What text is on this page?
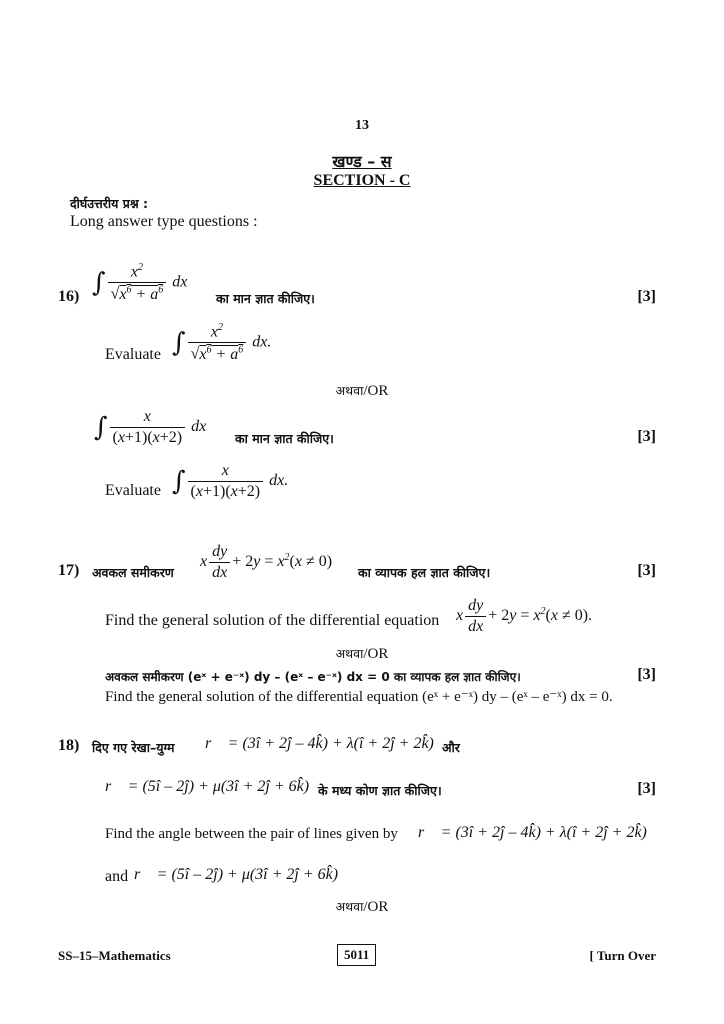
13
खण्ड – स
SECTION - C
दीर्घउत्तरीय प्रश्न :
Long answer type questions :
16) ∫ $\frac{x^2}{√x^6 + a^6}$ dx
का मान ज्ञात कीजिए।	[3]
Evaluate ∫ $\frac{x^2}{√x^6 + a^6}$ dx.
अथवा/OR
∫ $\frac{x}{(x+1)(x+2)}$ dx
का मान ज्ञात कीजिए।	[3]
Evaluate ∫ $\frac{x}{(x+1)(x+2)}$ dx.
17) अवकल समीकरण
x $\frac{dy}{dx} + 2y = x^2(x \ne 0)$
का व्यापक हल ज्ञात कीजिए।	[3]
Find the general solution of the differential equation x $\frac{dy}{dx} + 2y = x^2(x \ne 0)$.
अथवा/OR
अवकल समीकरण (eˣ + e⁻ˣ) dy – (eˣ – e⁻ˣ) dx = 0 का व्यापक हल ज्ञात कीजिए।	[3]
Find the general solution of the differential equation (eˣ + e⁻ˣ) dy – (eˣ – e⁻ˣ) dx = 0.
18) दिए गए रेखा–युग्म r⃗ = (3î + 2ĵ – 4k̂) + λ(î + 2ĵ + 2k̂) और
r⃗ = (5î – 2ĵ) + μ(3î + 2ĵ + 6k̂) के मध्य कोण ज्ञात कीजिए।	[3]
Find the angle between the pair of lines given by r⃗ = (3î + 2ĵ – 4k̂) + λ(î + 2ĵ + 2k̂)
and r⃗ = (5î – 2ĵ) + μ(3î + 2ĵ + 6k̂)
अथवा/OR
SS–15–Mathematics	5011	[ Turn Over
